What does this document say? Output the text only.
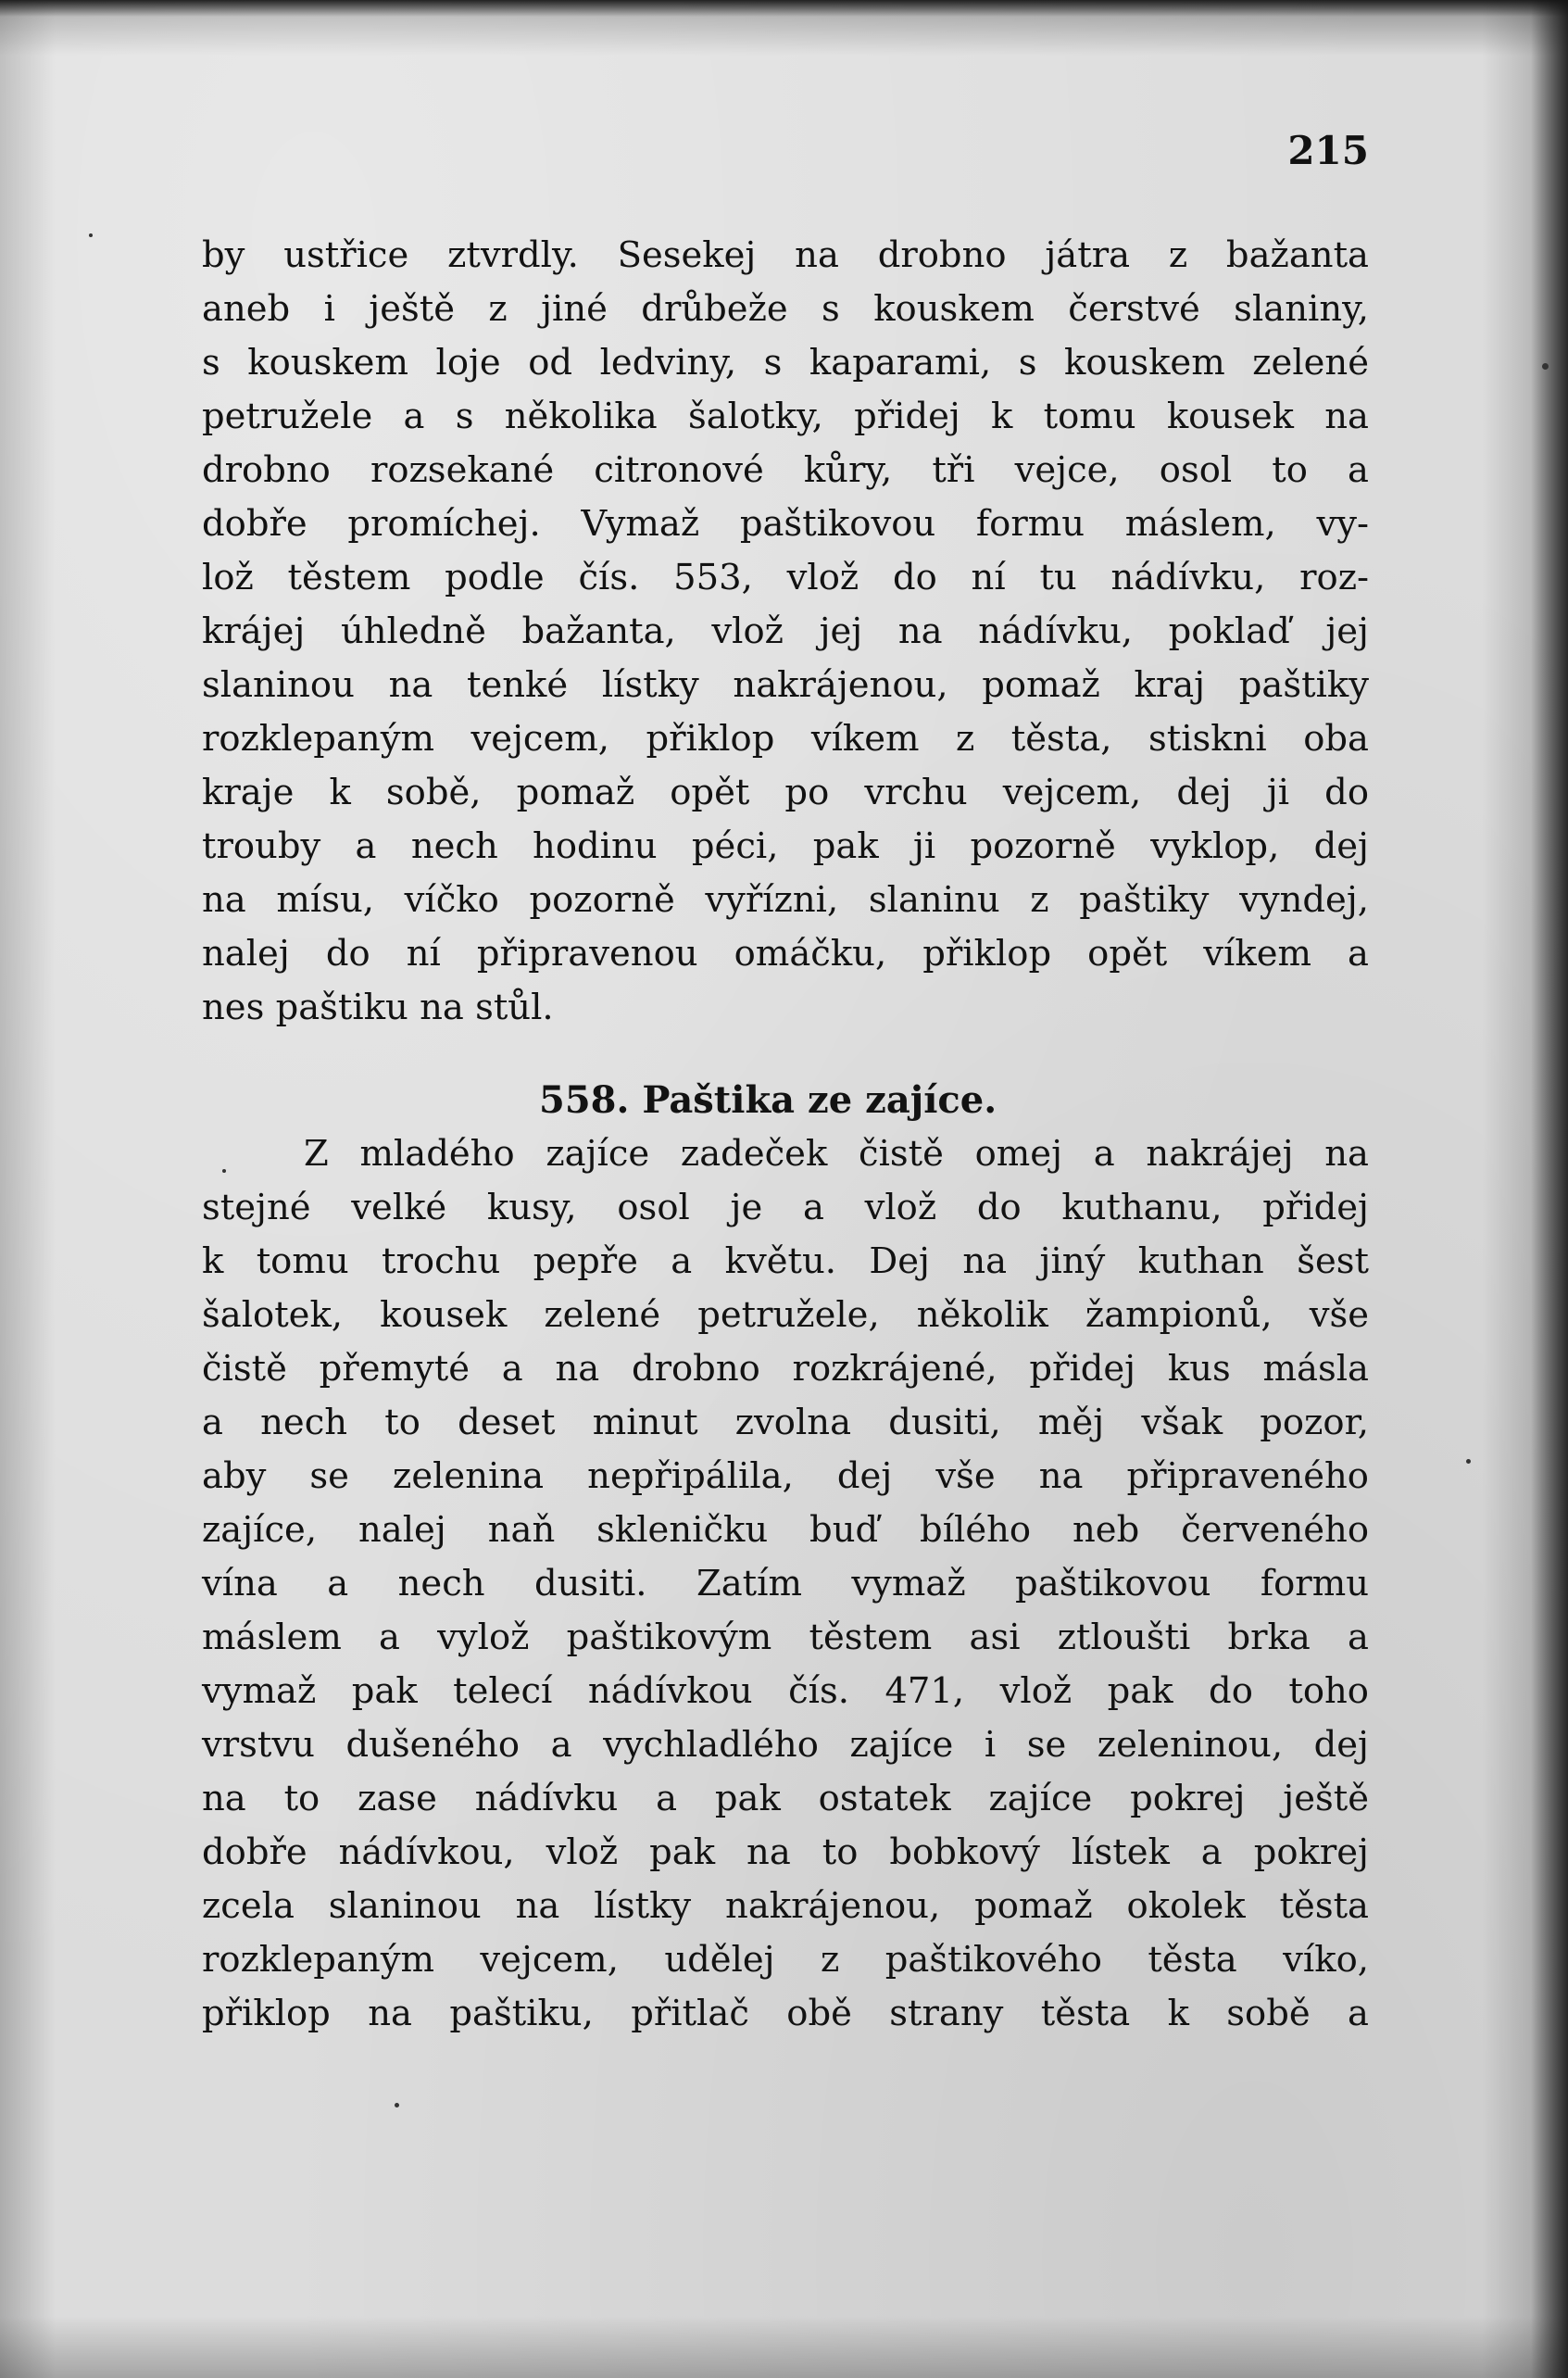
215
by ustřice ztvrdly. Sesekej na drobno játra z bažanta
aneb i ještě z jiné drůbeže s kouskem čerstvé slaniny,
s kouskem loje od ledviny, s kaparami, s kouskem zelené
petružele a s několika šalotky, přidej k tomu kousek na
drobno rozsekané citronové kůry, tři vejce, osol to a
dobře promíchej. Vymaž paštikovou formu máslem, vy-
lož těstem podle čís. 553, vlož do ní tu nádívku, roz-
krájej úhledně bažanta, vlož jej na nádívku, poklaď jej
slaninou na tenké lístky nakrájenou, pomaž kraj paštiky
rozklepaným vejcem, přiklop víkem z těsta, stiskni oba
kraje k sobě, pomaž opět po vrchu vejcem, dej ji do
trouby a nech hodinu péci, pak ji pozorně vyklop, dej
na mísu, víčko pozorně vyřízni, slaninu z paštiky vyndej,
nalej do ní připravenou omáčku, přiklop opět víkem a
nes paštiku na stůl.
558. Paštika ze zajíce.
Z mladého zajíce zadeček čistě omej a nakrájej na
stejné velké kusy, osol je a vlož do kuthanu, přidej
k tomu trochu pepře a květu. Dej na jiný kuthan šest
šalotek, kousek zelené petružele, několik žampionů, vše
čistě přemyté a na drobno rozkrájené, přidej kus másla
a nech to deset minut zvolna dusiti, měj však pozor,
aby se zelenina nepřipálila, dej vše na připraveného
zajíce, nalej naň skleničku buď bílého neb červeného
vína a nech dusiti. Zatím vymaž paštikovou formu
máslem a vylož paštikovým těstem asi ztloušti brka a
vymaž pak telecí nádívkou čís. 471, vlož pak do toho
vrstvu dušeného a vychladlého zajíce i se zeleninou, dej
na to zase nádívku a pak ostatek zajíce pokrej ještě
dobře nádívkou, vlož pak na to bobkový lístek a pokrej
zcela slaninou na lístky nakrájenou, pomaž okolek těsta
rozklepaným vejcem, udělej z paštikového těsta víko,
přiklop na paštiku, přitlač obě strany těsta k sobě a
